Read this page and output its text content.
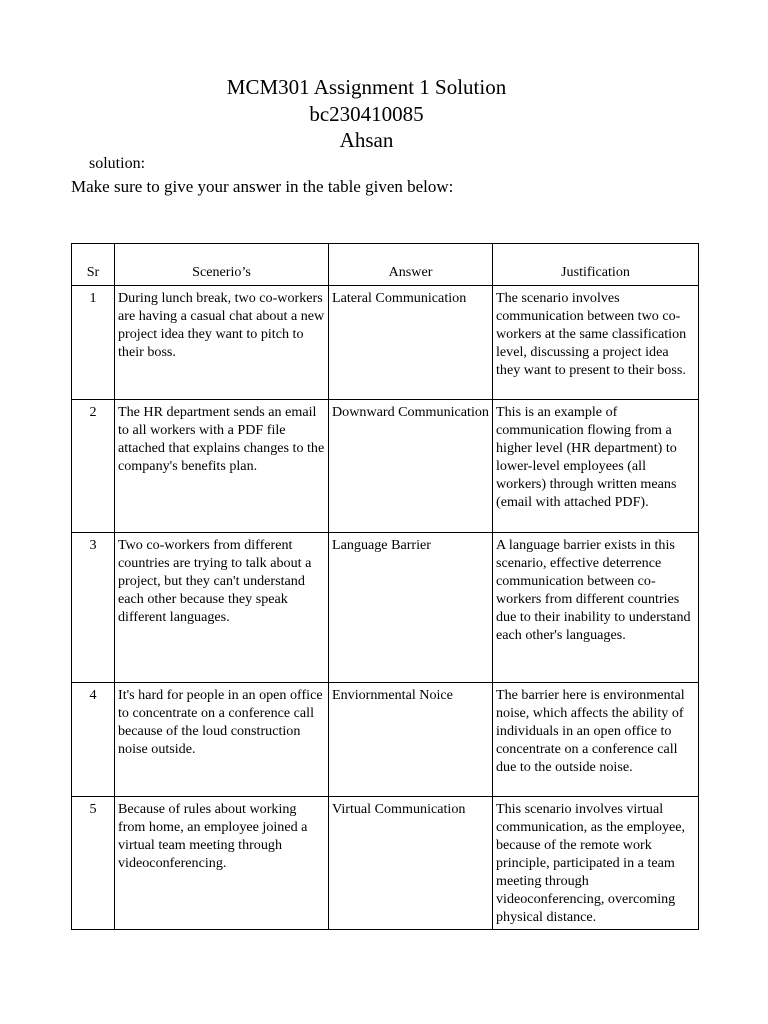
MCM301 Assignment 1 Solution
bc230410085
Ahsan
solution:
Make sure to give your answer in the table given below:
Sr	Scenerio’s	Answer	Justification
1	During lunch break, two co-workers are having a casual chat about a new project idea they want to pitch to their boss.	Lateral Communication	The scenario involves communication between two co-workers at the same classification level, discussing a project idea they want to present to their boss.
2	The HR department sends an email to all workers with a PDF file attached that explains changes to the company's benefits plan.	Downward Communication	This is an example of communication flowing from a higher level (HR department) to lower-level employees (all workers) through written means (email with attached PDF).
3	Two co-workers from different countries are trying to talk about a project, but they can't understand each other because they speak different languages.	Language Barrier	A language barrier exists in this scenario, effective deterrence communication between co-workers from different countries due to their inability to understand each other's languages.
4	It's hard for people in an open office to concentrate on a conference call because of the loud construction noise outside.	Enviornmental Noice	The barrier here is environmental noise, which affects the ability of individuals in an open office to concentrate on a conference call due to the outside noise.
5	Because of rules about working from home, an employee joined a virtual team meeting through videoconferencing.	Virtual Communication	This scenario involves virtual communication, as the employee, because of the remote work principle, participated in a team meeting through videoconferencing, overcoming physical distance.
